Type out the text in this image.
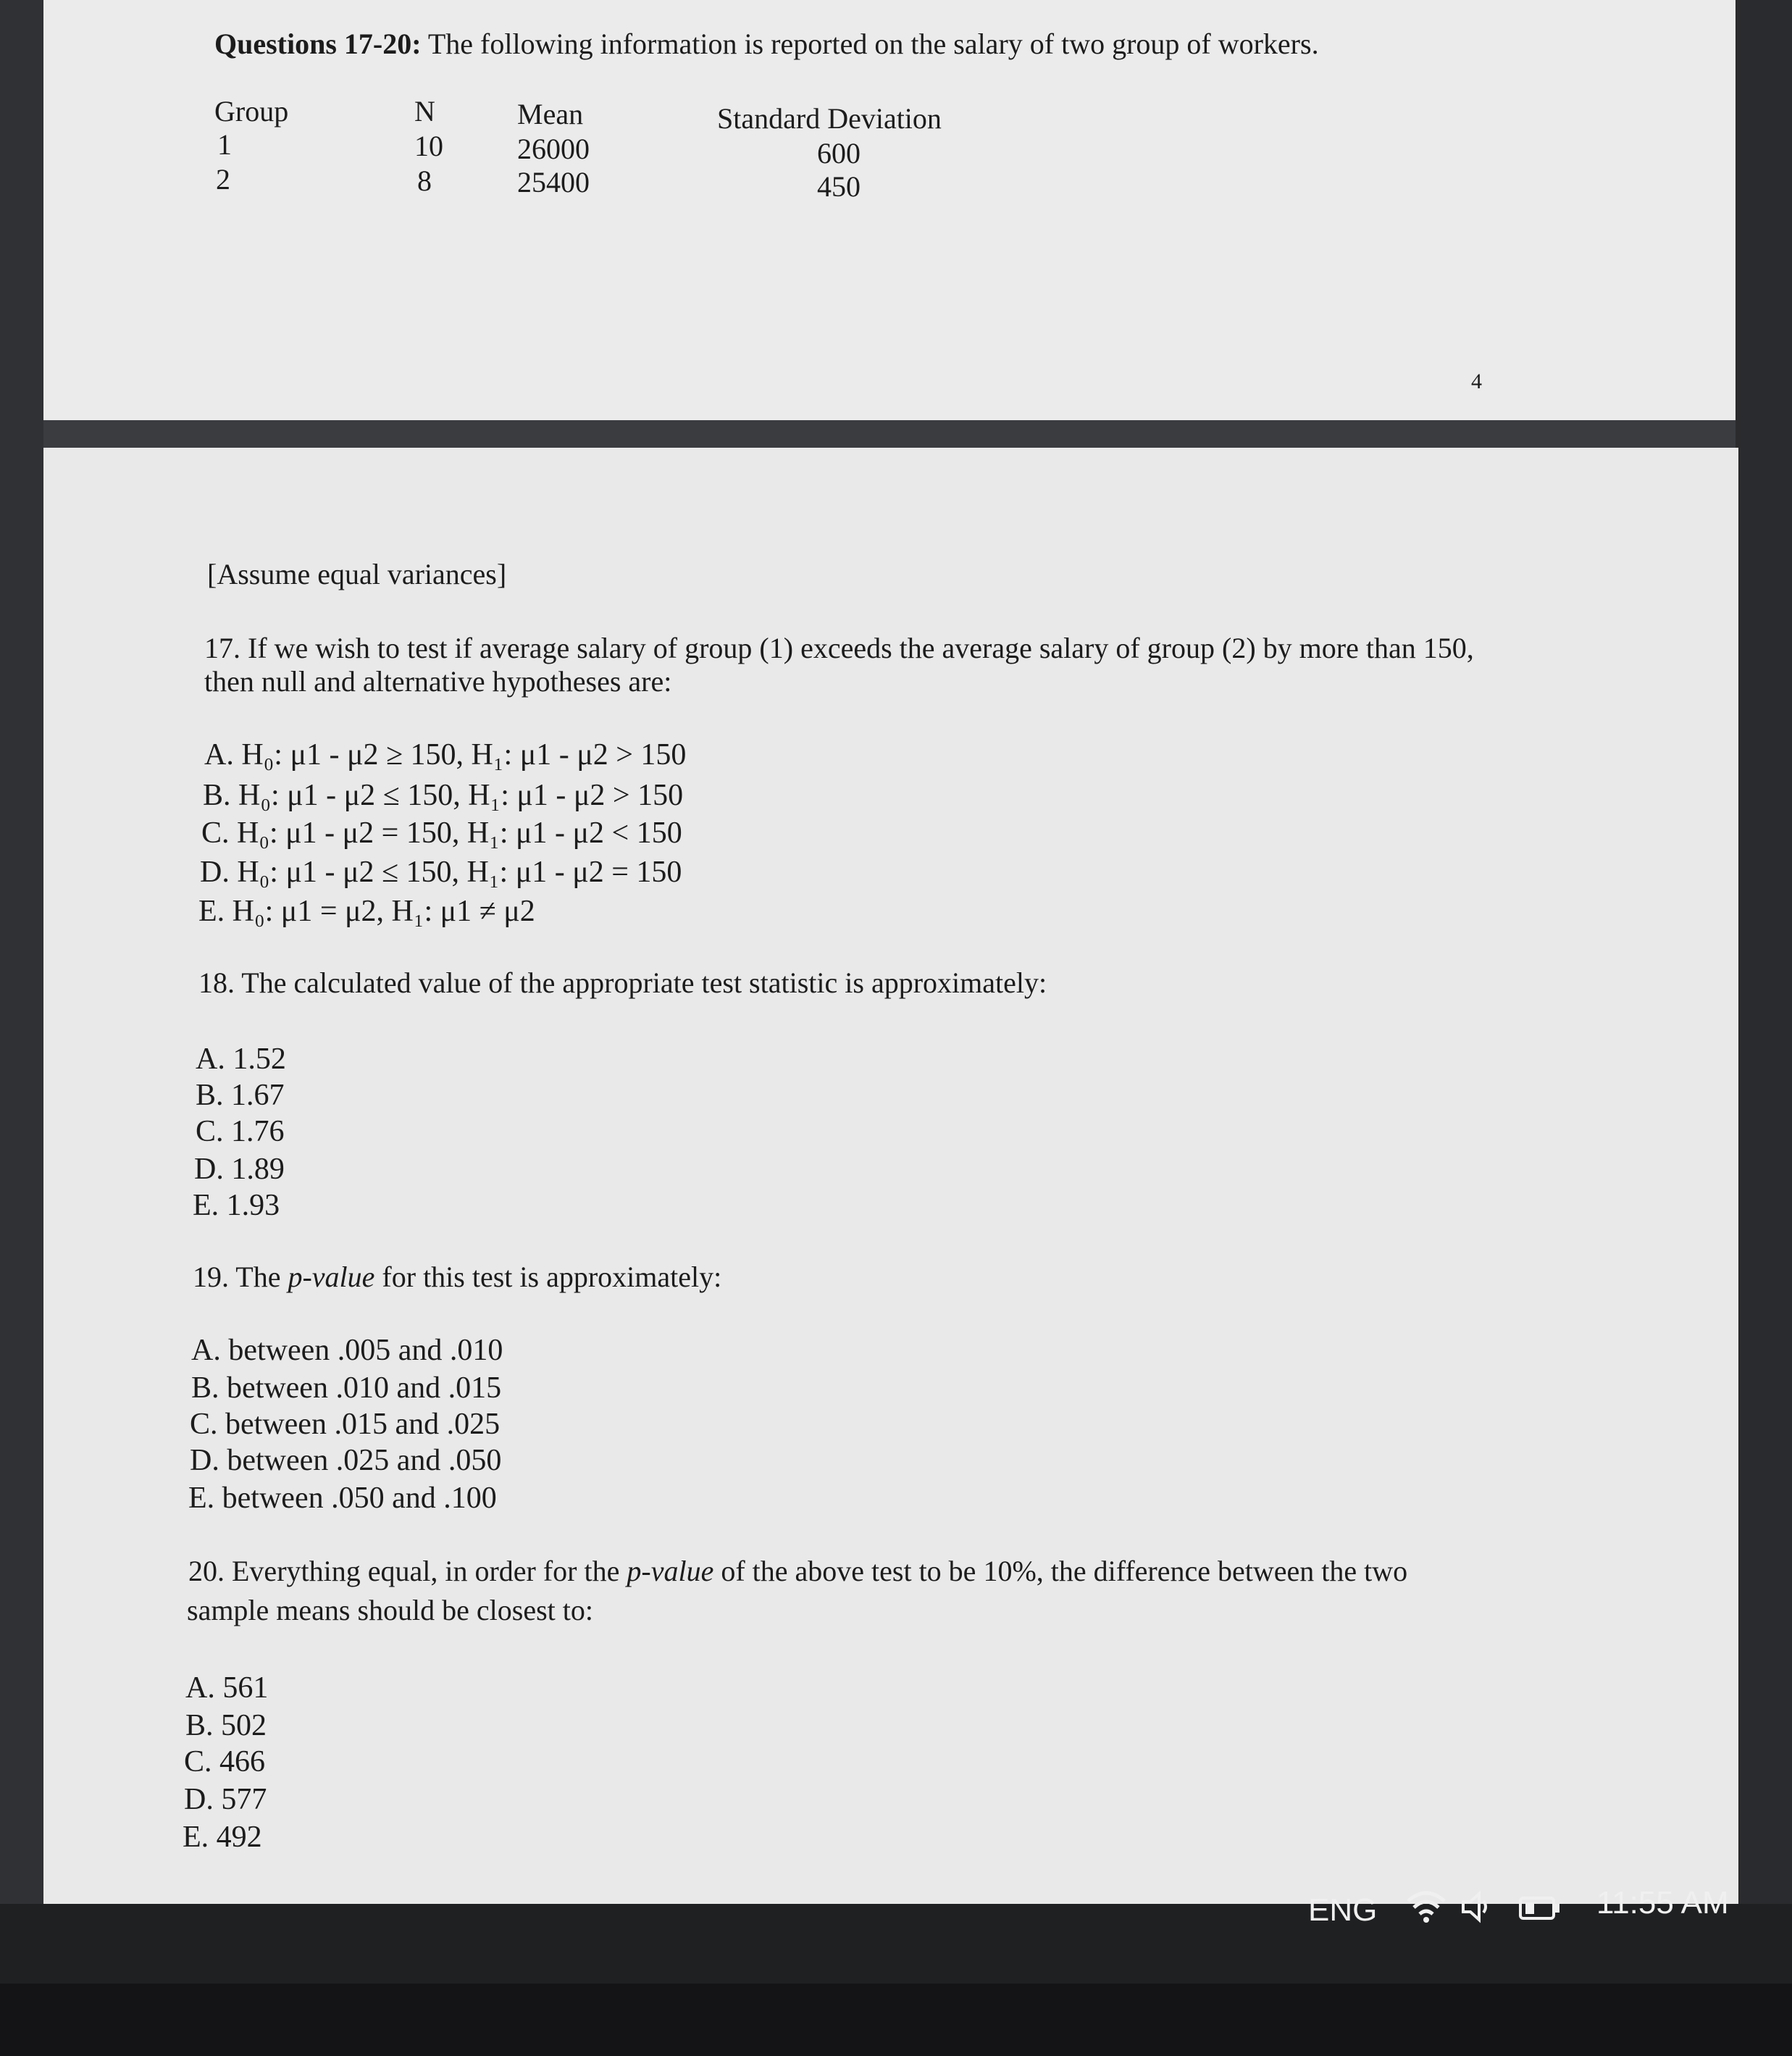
Questions 17-20: The following information is reported on the salary of two group of workers.
Group	N	Mean	Standard Deviation
1	10	26000	600
2	8	25400	450
4
[Assume equal variances]
17. If we wish to test if average salary of group (1) exceeds the average salary of group (2) by more than 150,
then null and alternative hypotheses are:
A. H₀: μ1 - μ2 ≥ 150, H₁: μ1 - μ2 > 150
B. H₀: μ1 - μ2 ≤ 150, H₁: μ1 - μ2 > 150
C. H₀: μ1 - μ2 = 150, H₁: μ1 - μ2 < 150
D. H₀: μ1 - μ2 ≤ 150, H₁: μ1 - μ2 = 150
E. H₀: μ1 = μ2, H₁: μ1 ≠ μ2
18. The calculated value of the appropriate test statistic is approximately:
A. 1.52
B. 1.67
C. 1.76
D. 1.89
E. 1.93
19. The p-value for this test is approximately:
A. between .005 and .010
B. between .010 and .015
C. between .015 and .025
D. between .025 and .050
E. between .050 and .100
20. Everything equal, in order for the p-value of the above test to be 10%, the difference between the two
sample means should be closest to:
A. 561
B. 502
C. 466
D. 577
E. 492
ENG	11:55 AM
